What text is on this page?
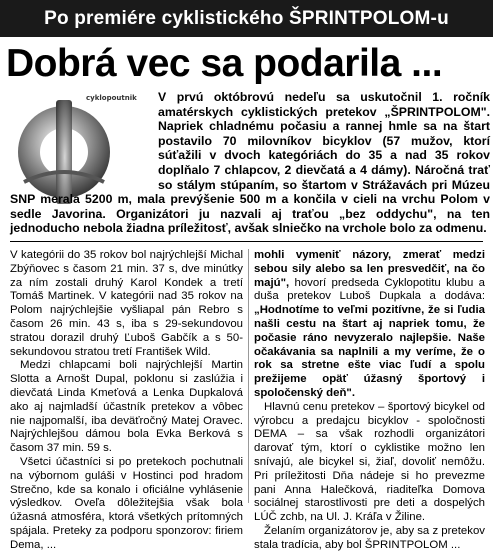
Po premiére cyklistického ŠPRINTPOLOM-u
Dobrá vec sa podarila ...
cyklopoutnik	V prvú októbrovú nedeľu sa uskutočnil 1. ročník amatérskych cyklistických pretekov „ŠPRINTPOLOM". Napriek chladnému počasiu a rannej hmle sa na štart postavilo 70 milovníkov bicyklov (57 mužov, ktorí súťažili v dvoch kategóriách do 35 a nad 35 rokov doplňalo 7 chlapcov, 2 dievčatá a 4 dámy). Náročná trať so stálym stúpaním, so štartom v Strážavách pri Múzeu SNP merala 5200 m, mala prevýšenie 500 m a končila v cieli na vrchu Polom v sedle Javorina. Organizátori ju nazvali aj traťou „bez oddychu", na ten jednoducho nebola žiadna príležitosť, avšak slniečko na vrchole bolo za odmenu.

V kategórii do 35 rokov bol najrýchlejší Michal Zbýňovec s časom 21 min. 37 s, dve minútky za ním zostali druhý Karol Kondek a tretí Tomáš Martinek. V kategórii nad 35 rokov na Polom najrýchlejšie vyšliapal pán Rebro s časom 26 min. 43 s, iba s 29-sekundovou stratou dorazil druhý Ľuboš Gabčík a s 50-sekundovou stratou tretí František Wild.

Medzi chlapcami boli najrýchlejší Martin Slotta a Arnošt Dupal, poklonu si zaslúžia i dievčatá Linda Kmeťová a Lenka Dupkalová ako aj najmladší účastník pretekov a vôbec nie najpomalší, iba deväťročný Matej Oravec. Najrýchlejšou dámou bola Evka Berková s časom 37 min. 59 s.

Všetci účastníci si po pretekoch pochutnali na výbornom guláši v Hostinci pod hradom Strečno, kde sa konalo i oficiálne vyhlásenie výsledkov. Oveľa dôležitejšia však bola úžasná atmosféra, ktorá všetkých prítomných spájala. Preteky za podporu sponzorov: firiem Dema, ...

mohli vymeniť názory, zmerať medzi sebou sily alebo sa len presvedčiť, na čo majú", hovorí predseda Cyklopotitu klubu a duša pretekov Luboš Dupkala a dodáva: „Hodnotíme to veľmi pozitívne, že si ľudia našli cestu na štart aj napriek tomu, že počasie ráno nevyzeralo najlepšie. Naše očakávania sa naplnili a my veríme, že o rok sa stretne ešte viac ľudí a spolu prežijeme opäť úžasný športový i spoločenský deň".

Hlavnú cenu pretekov – športový bicykel od výrobcu a predajcu bicyklov - spoločnosti DEMA – sa však rozhodli organizátori darovať tým, ktorí o cyklistike možno len snívajú, ale bicykel si, žiaľ, dovoliť nemôžu. Pri príležitosti Dňa nádeje si ho prevezme pani Anna Halečková, riaditeľka Domova sociálnej starostlivosti pre deti a dospelých LÚČ zchb, na Ul. J. Kráľa v Žiline.

Želaním organizátorov je, aby sa z pretekov stala tradícia, aby bol ŠPRINTPOLOM ...
